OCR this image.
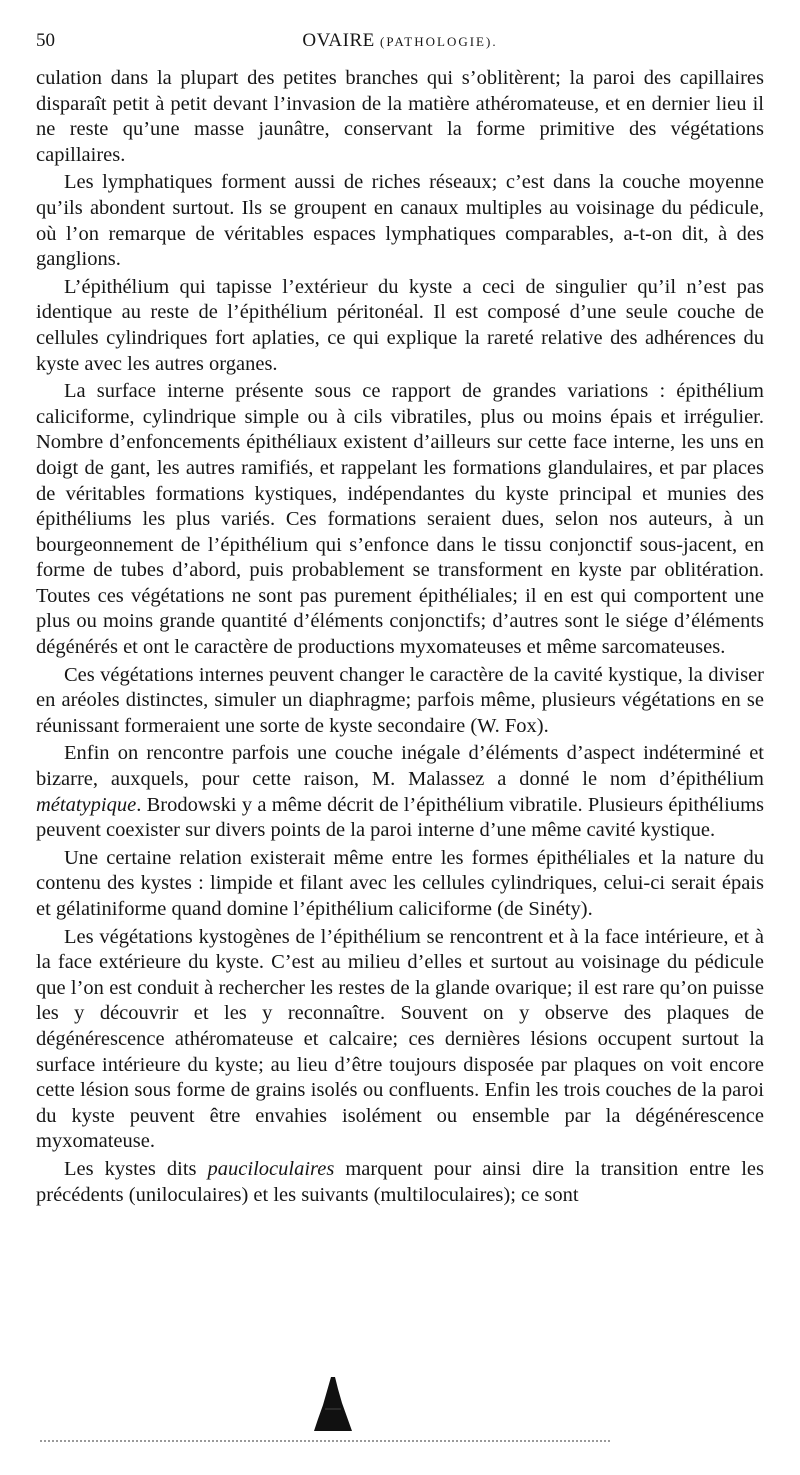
50	OVAIRE (PATHOLOGIE).

culation dans la plupart des petites branches qui s’oblitèrent; la paroi des capillaires disparaît petit à petit devant l’invasion de la matière athéromateuse, et en dernier lieu il ne reste qu’une masse jaunâtre, conservant la forme primitive des végétations capillaires.

Les lymphatiques forment aussi de riches réseaux; c’est dans la couche moyenne qu’ils abondent surtout. Ils se groupent en canaux multiples au voisinage du pédicule, où l’on remarque de véritables espaces lymphatiques comparables, a-t-on dit, à des ganglions.

L’épithélium qui tapisse l’extérieur du kyste a ceci de singulier qu’il n’est pas identique au reste de l’épithélium péritonéal. Il est composé d’une seule couche de cellules cylindriques fort aplaties, ce qui explique la rareté relative des adhérences du kyste avec les autres organes.

La surface interne présente sous ce rapport de grandes variations : épithélium caliciforme, cylindrique simple ou à cils vibratiles, plus ou moins épais et irrégulier. Nombre d’enfoncements épithéliaux existent d’ailleurs sur cette face interne, les uns en doigt de gant, les autres ramifiés, et rappelant les formations glandulaires, et par places de véritables formations kystiques, indépendantes du kyste principal et munies des épithéliums les plus variés. Ces formations seraient dues, selon nos auteurs, à un bourgeonnement de l’épithélium qui s’enfonce dans le tissu conjonctif sous-jacent, en forme de tubes d’abord, puis probablement se transforment en kyste par oblitération. Toutes ces végétations ne sont pas purement épithéliales; il en est qui comportent une plus ou moins grande quantité d’éléments conjonctifs; d’autres sont le siége d’éléments dégénérés et ont le caractère de productions myxomateuses et même sarcomateuses.

Ces végétations internes peuvent changer le caractère de la cavité kystique, la diviser en aréoles distinctes, simuler un diaphragme; parfois même, plusieurs végétations en se réunissant formeraient une sorte de kyste secondaire (W. Fox).

Enfin on rencontre parfois une couche inégale d’éléments d’aspect indéterminé et bizarre, auxquels, pour cette raison, M. Malassez a donné le nom d’épithélium métatypique. Brodowski y a même décrit de l’épithélium vibratile. Plusieurs épithéliums peuvent coexister sur divers points de la paroi interne d’une même cavité kystique.

Une certaine relation existerait même entre les formes épithéliales et la nature du contenu des kystes : limpide et filant avec les cellules cylindriques, celui-ci serait épais et gélatiniforme quand domine l’épithélium caliciforme (de Sinéty).

Les végétations kystogènes de l’épithélium se rencontrent et à la face intérieure, et à la face extérieure du kyste. C’est au milieu d’elles et surtout au voisinage du pédicule que l’on est conduit à rechercher les restes de la glande ovarique; il est rare qu’on puisse les y découvrir et les y reconnaître. Souvent on y observe des plaques de dégénérescence athéromateuse et calcaire; ces dernières lésions occupent surtout la surface intérieure du kyste; au lieu d’être toujours disposée par plaques on voit encore cette lésion sous forme de grains isolés ou confluents. Enfin les trois couches de la paroi du kyste peuvent être envahies isolément ou ensemble par la dégénérescence myxomateuse.

Les kystes dits pauciloculaires marquent pour ainsi dire la transition entre les précédents (uniloculaires) et les suivants (multiloculaires); ce sont
